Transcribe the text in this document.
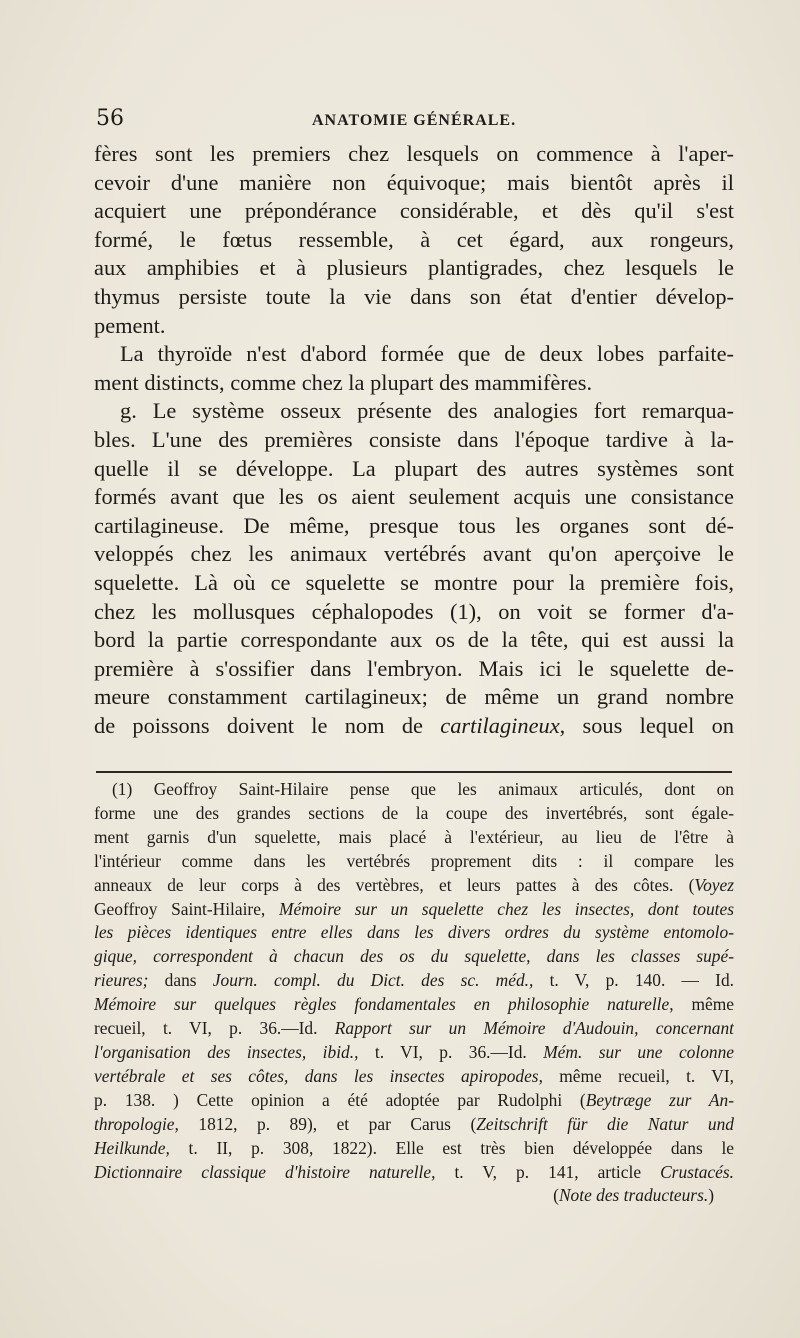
56	ANATOMIE GÉNÉRALE.
fères sont les premiers chez lesquels on commence à l'aper-
cevoir d'une manière non équivoque; mais bientôt après il
acquiert une prépondérance considérable, et dès qu'il s'est
formé, le fœtus ressemble, à cet égard, aux rongeurs,
aux amphibies et à plusieurs plantigrades, chez lesquels le
thymus persiste toute la vie dans son état d'entier dévelop-
pement.
La thyroïde n'est d'abord formée que de deux lobes parfaite-
ment distincts, comme chez la plupart des mammifères.
g. Le système osseux présente des analogies fort remarqua-
bles. L'une des premières consiste dans l'époque tardive à la-
quelle il se développe. La plupart des autres systèmes sont
formés avant que les os aient seulement acquis une consistance
cartilagineuse. De même, presque tous les organes sont dé-
veloppés chez les animaux vertébrés avant qu'on aperçoive le
squelette. Là où ce squelette se montre pour la première fois,
chez les mollusques céphalopodes (1), on voit se former d'a-
bord la partie correspondante aux os de la tête, qui est aussi la
première à s'ossifier dans l'embryon. Mais ici le squelette de-
meure constamment cartilagineux; de même un grand nombre
de poissons doivent le nom de cartilagineux, sous lequel on
(1) Geoffroy Saint-Hilaire pense que les animaux articulés, dont on
forme une des grandes sections de la coupe des invertébrés, sont égale-
ment garnis d'un squelette, mais placé à l'extérieur, au lieu de l'être à
l'intérieur comme dans les vertébrés proprement dits : il compare les
anneaux de leur corps à des vertèbres, et leurs pattes à des côtes. (Voyez
Geoffroy Saint-Hilaire, Mémoire sur un squelette chez les insectes, dont toutes
les pièces identiques entre elles dans les divers ordres du système entomolo-
gique, correspondent à chacun des os du squelette, dans les classes supé-
rieures; dans Journ. compl. du Dict. des sc. méd., t. V, p. 140. — Id.
Mémoire sur quelques règles fondamentales en philosophie naturelle, même
recueil, t. VI, p. 36.—Id. Rapport sur un Mémoire d'Audouin, concernant
l'organisation des insectes, ibid., t. VI, p. 36.—Id. Mém. sur une colonne
vertébrale et ses côtes, dans les insectes apiropodes, même recueil, t. VI,
p. 138. ) Cette opinion a été adoptée par Rudolphi (Beytræge zur An-
thropologie, 1812, p. 89), et par Carus (Zeitschrift für die Natur und
Heilkunde, t. II, p. 308, 1822). Elle est très bien développée dans le
Dictionnaire classique d'histoire naturelle, t. V, p. 141, article Crustacés.
(Note des traducteurs.)
